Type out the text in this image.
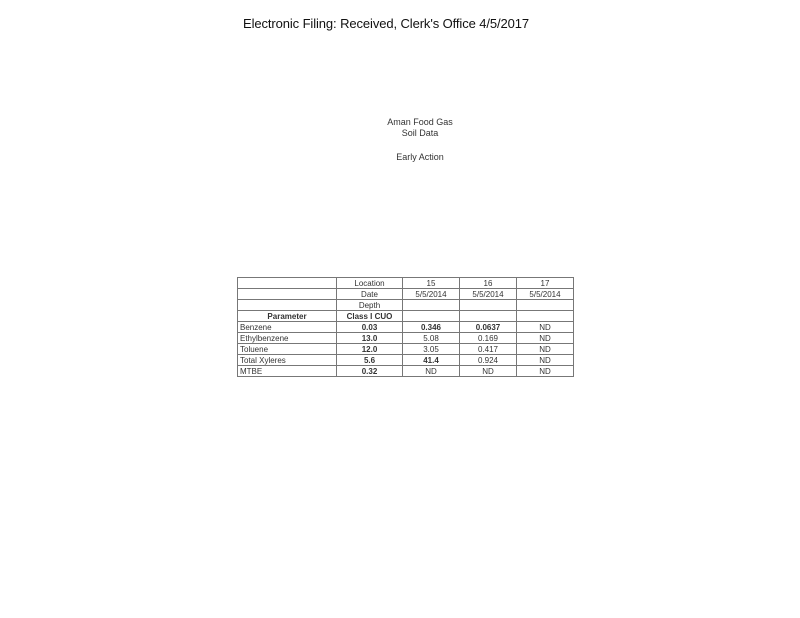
Electronic Filing: Received, Clerk's Office 4/5/2017
Aman Food Gas
Soil Data
Early Action
	Location	15	16	17
	Date	5/5/2014	5/5/2014	5/5/2014
	Depth			
Parameter	Class I CUO			
Benzene	0.03	0.346	0.0637	ND
Ethylbenzene	13.0	5.08	0.169	ND
Toluene	12.0	3.05	0.417	ND
Total Xyleres	5.6	41.4	0.924	ND
MTBE	0.32	ND	ND	ND
